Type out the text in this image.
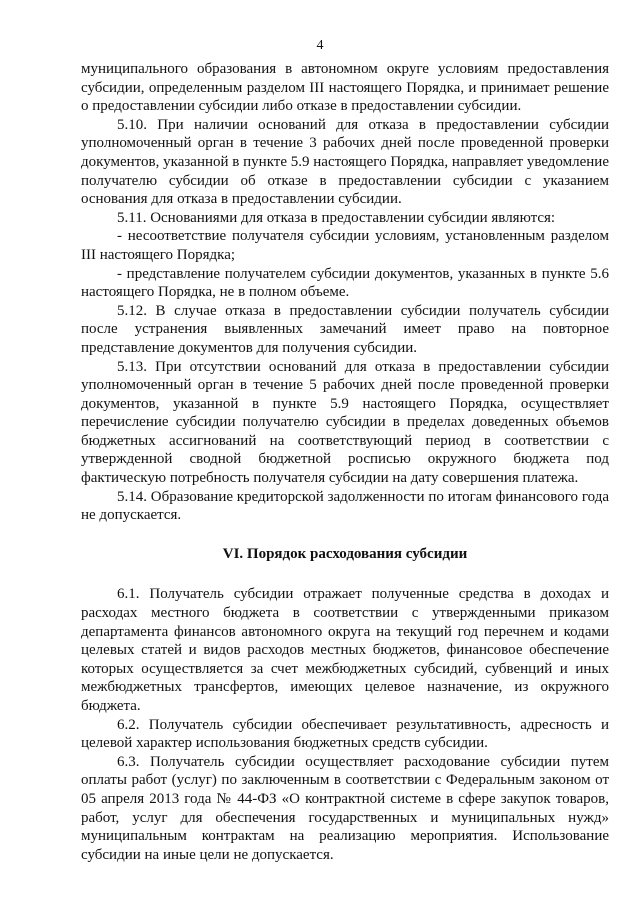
4

муниципального образования в автономном округе условиям предоставления субсидии, определенным разделом III настоящего Порядка, и принимает решение о предоставлении субсидии либо отказе в предоставлении субсидии.

5.10. При наличии оснований для отказа в предоставлении субсидии уполномоченный орган в течение 3 рабочих дней после проведенной проверки документов, указанной в пункте 5.9 настоящего Порядка, направляет уведомление получателю субсидии об отказе в предоставлении субсидии с указанием основания для отказа в предоставлении субсидии.

5.11. Основаниями для отказа в предоставлении субсидии являются:

- несоответствие получателя субсидии условиям, установленным разделом III настоящего Порядка;

- представление получателем субсидии документов, указанных в пункте 5.6 настоящего Порядка, не в полном объеме.

5.12. В случае отказа в предоставлении субсидии получатель субсидии после устранения выявленных замечаний имеет право на повторное представление документов для получения субсидии.

5.13. При отсутствии оснований для отказа в предоставлении субсидии уполномоченный орган в течение 5 рабочих дней после проведенной проверки документов, указанной в пункте 5.9 настоящего Порядка, осуществляет перечисление субсидии получателю субсидии в пределах доведенных объемов бюджетных ассигнований на соответствующий период в соответствии с утвержденной сводной бюджетной росписью окружного бюджета под фактическую потребность получателя субсидии на дату совершения платежа.

5.14. Образование кредиторской задолженности по итогам финансового года не допускается.

VI. Порядок расходования субсидии

6.1. Получатель субсидии отражает полученные средства в доходах и расходах местного бюджета в соответствии с утвержденными приказом департамента финансов автономного округа на текущий год перечнем и кодами целевых статей и видов расходов местных бюджетов, финансовое обеспечение которых осуществляется за счет межбюджетных субсидий, субвенций и иных межбюджетных трансфертов, имеющих целевое назначение, из окружного бюджета.

6.2. Получатель субсидии обеспечивает результативность, адресность и целевой характер использования бюджетных средств субсидии.

6.3. Получатель субсидии осуществляет расходование субсидии путем оплаты работ (услуг) по заключенным в соответствии с Федеральным законом от 05 апреля 2013 года № 44-ФЗ «О контрактной системе в сфере закупок товаров, работ, услуг для обеспечения государственных и муниципальных нужд» муниципальным контрактам на реализацию мероприятия. Использование субсидии на иные цели не допускается.
